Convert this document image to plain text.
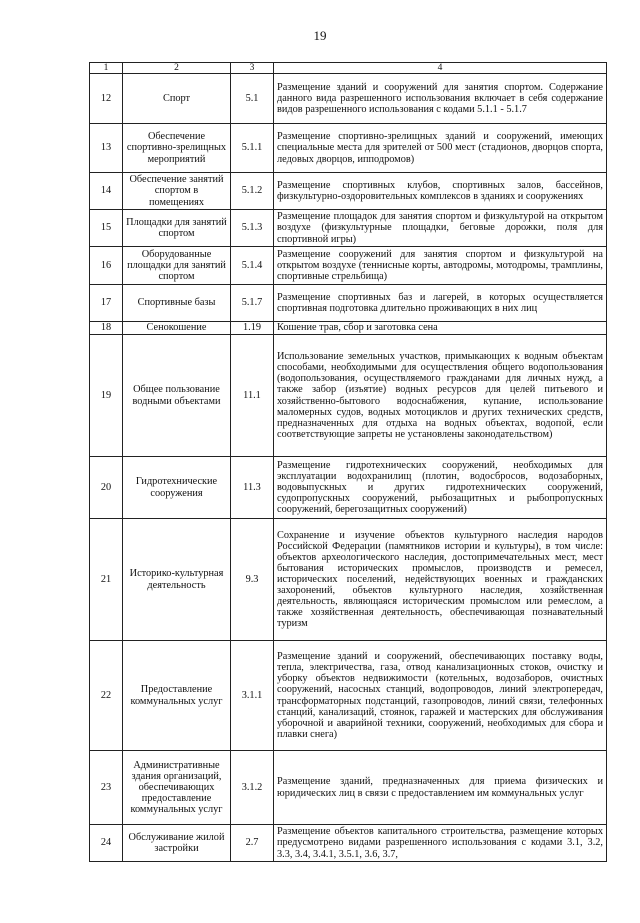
19
1	2	3	4
12	Спорт	5.1	Размещение зданий и сооружений для занятия спортом. Содержание данного вида разрешенного использования включает в себя содержание видов разрешенного использования с кодами 5.1.1 - 5.1.7
13	Обеспечение спортивно-зрелищных мероприятий	5.1.1	Размещение спортивно-зрелищных зданий и сооружений, имеющих специальные места для зрителей от 500 мест (стадионов, дворцов спорта, ледовых дворцов, ипподромов)
14	Обеспечение занятий спортом в помещениях	5.1.2	Размещение спортивных клубов, спортивных залов, бассейнов, физкультурно-оздоровительных комплексов в зданиях и сооружениях
15	Площадки для занятий спортом	5.1.3	Размещение площадок для занятия спортом и физкультурой на открытом воздухе (физкультурные площадки, беговые дорожки, поля для спортивной игры)
16	Оборудованные площадки для занятий спортом	5.1.4	Размещение сооружений для занятия спортом и физкультурой на открытом воздухе (теннисные корты, автодромы, мотодромы, трамплины, спортивные стрельбища)
17	Спортивные базы	5.1.7	Размещение спортивных баз и лагерей, в которых осуществляется спортивная подготовка длительно проживающих в них лиц
18	Сенокошение	1.19	Кошение трав, сбор и заготовка сена
19	Общее пользование водными объектами	11.1	Использование земельных участков, примыкающих к водным объектам способами, необходимыми для осуществления общего водопользования (водопользования, осуществляемого гражданами для личных нужд, а также забор (изъятие) водных ресурсов для целей питьевого и хозяйственно-бытового водоснабжения, купание, использование маломерных судов, водных мотоциклов и других технических средств, предназначенных для отдыха на водных объектах, водопой, если соответствующие запреты не установлены законодательством)
20	Гидротехнические сооружения	11.3	Размещение гидротехнических сооружений, необходимых для эксплуатации водохранилищ (плотин, водосбросов, водозаборных, водовыпускных и других гидротехнических сооружений, судопропускных сооружений, рыбозащитных и рыбопропускных сооружений, берегозащитных сооружений)
21	Историко-культурная деятельность	9.3	Сохранение и изучение объектов культурного наследия народов Российской Федерации (памятников истории и культуры), в том числе: объектов археологического наследия, достопримечательных мест, мест бытования исторических промыслов, производств и ремесел, исторических поселений, недействующих военных и гражданских захоронений, объектов культурного наследия, хозяйственная деятельность, являющаяся историческим промыслом или ремеслом, а также хозяйственная деятельность, обеспечивающая познавательный туризм
22	Предоставление коммунальных услуг	3.1.1	Размещение зданий и сооружений, обеспечивающих поставку воды, тепла, электричества, газа, отвод канализационных стоков, очистку и уборку объектов недвижимости (котельных, водозаборов, очистных сооружений, насосных станций, водопроводов, линий электропередач, трансформаторных подстанций, газопроводов, линий связи, телефонных станций, канализаций, стоянок, гаражей и мастерских для обслуживания уборочной и аварийной техники, сооружений, необходимых для сбора и плавки снега)
23	Административные здания организаций, обеспечивающих предоставление коммунальных услуг	3.1.2	Размещение зданий, предназначенных для приема физических и юридических лиц в связи с предоставлением им коммунальных услуг
24	Обслуживание жилой застройки	2.7	Размещение объектов капитального строительства, размещение которых предусмотрено видами разрешенного использования с кодами 3.1, 3.2, 3.3, 3.4, 3.4.1, 3.5.1, 3.6, 3.7,
